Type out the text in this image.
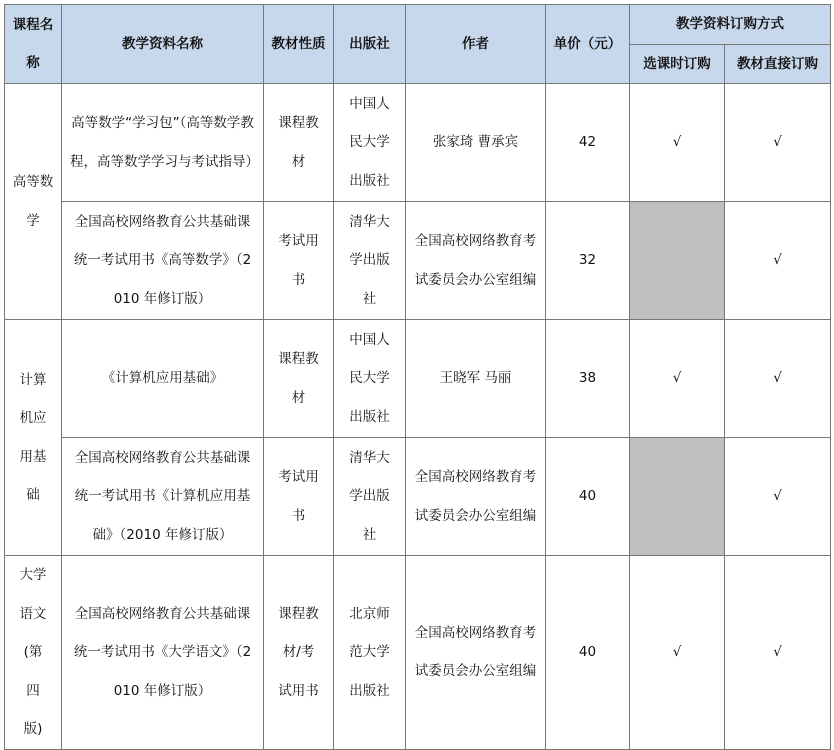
课程名称	教学资料名称	教材性质	出版社	作者	单价（元）	教学资料订购方式	
						选课时订购	教材直接订购
高等数学	高等数学“学习包”（高等数学教程，高等数学学习与考试指导）	课程教材	中国人民大学出版社	张家琦 曹承宾	42	√	√
	全国高校网络教育公共基础课统一考试用书《高等数学》（2010 年修订版）	考试用书	清华大学出版社	全国高校网络教育考试委员会办公室组编	32		√
计算机应用基础	《计算机应用基础》	课程教材	中国人民大学出版社	王晓军 马丽	38	√	√
	全国高校网络教育公共基础课统一考试用书《计算机应用基础》（2010 年修订版）	考试用书	清华大学出版社	全国高校网络教育考试委员会办公室组编	40		√
大学语文(第四版)	全国高校网络教育公共基础课统一考试用书《大学语文》（2010 年修订版）	课程教材/考试用书	北京师范大学出版社	全国高校网络教育考试委员会办公室组编	40	√	√
